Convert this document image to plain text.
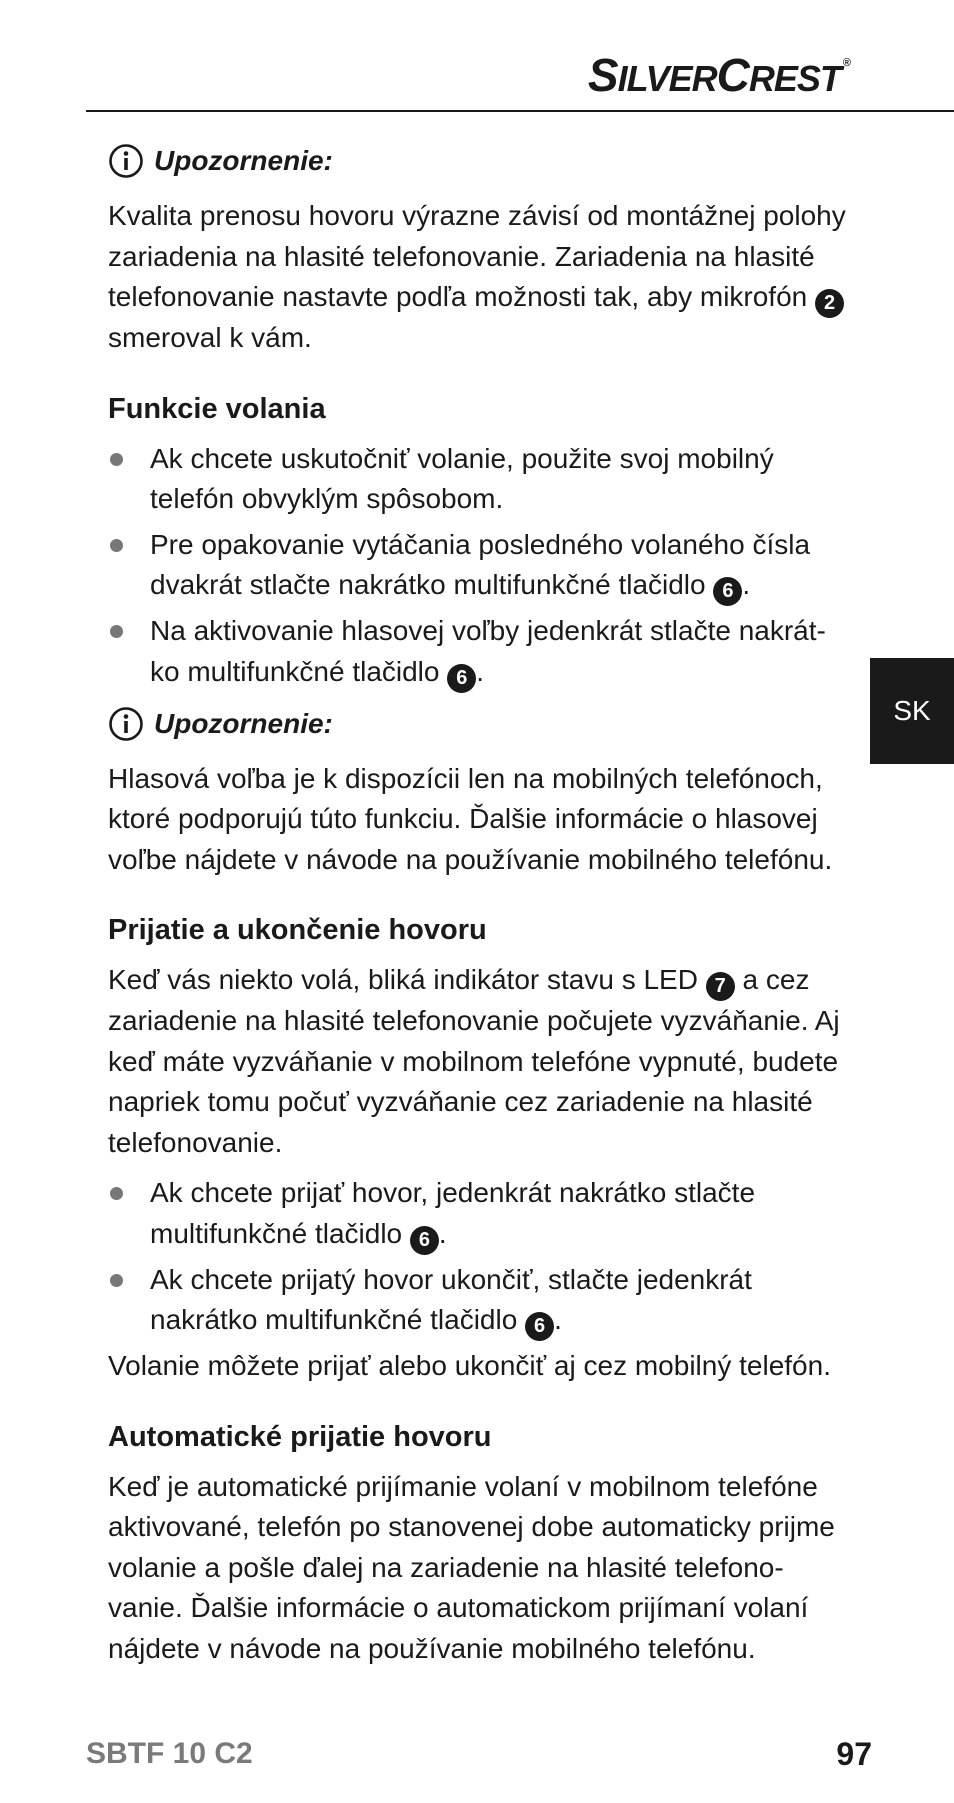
SILVERCREST ®
Upozornenie:

Kvalita prenosu hovoru výrazne závisí od montážnej polohy zariadenia na hlasité telefonovanie. Zariadenia na hlasité telefonovanie nastavte podľa možnosti tak, aby mikrofón 2 smeroval k vám.

Funkcie volania
Ak chcete uskutočniť volanie, použite svoj mobilný telefón obvyklým spôsobom.
Pre opakovanie vytáčania posledného volaného čísla dvakrát stlačte nakrátko multifunkčné tlačidlo 6 .
Na aktivovanie hlasovej voľby jedenkrát stlačte nakrát-ko multifunkčné tlačidlo 6 .
Upozornenie:

Hlasová voľba je k dispozícii len na mobilných telefónoch, ktoré podporujú túto funkciu. Ďalšie informácie o hlasovej voľbe nájdete v návode na používanie mobilného telefónu.

Prijatie a ukončenie hovoru

Keď vás niekto volá, bliká indikátor stavu s LED 7 a cez zariadenie na hlasité telefonovanie počujete vyzváňanie. Aj keď máte vyzváňanie v mobilnom telefóne vypnuté, budete napriek tomu počuť vyzváňanie cez zariadenie na hlasité telefonovanie.

Ak chcete prijať hovor, jedenkrát nakrátko stlačte multifunkčné tlačidlo 6 .
Ak chcete prijatý hovor ukončiť, stlačte jedenkrát nakrátko multifunkčné tlačidlo 6 .

Volanie môžete prijať alebo ukončiť aj cez mobilný telefón.

Automatické prijatie hovoru

Keď je automatické prijímanie volaní v mobilnom telefóne aktivované, telefón po stanovenej dobe automaticky prijme volanie a pošle ďalej na zariadenie na hlasité telefono-vanie. Ďalšie informácie o automatickom prijímaní volaní nájdete v návode na používanie mobilného telefónu.

SK
SBTF 10 C2	97
